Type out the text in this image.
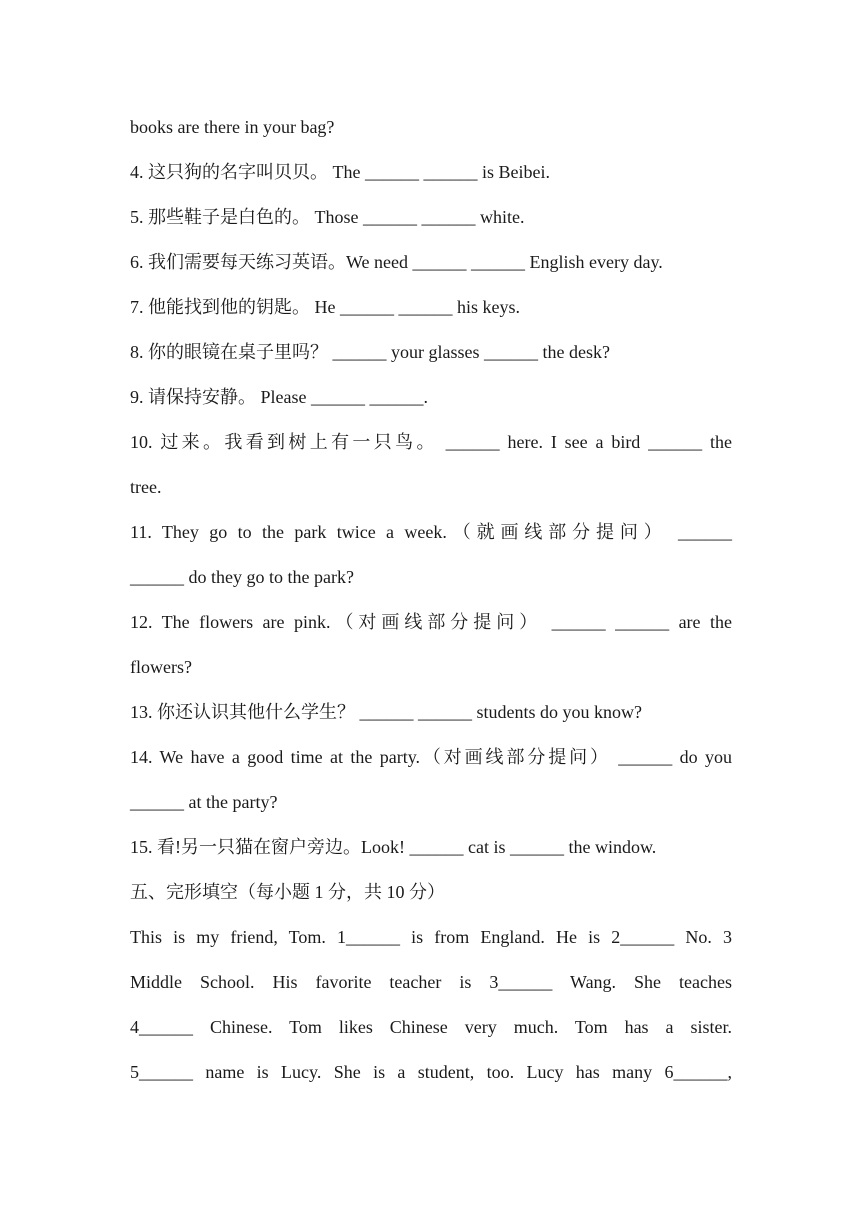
books are there in your bag?
4. 这只狗的名字叫贝贝。 The ______ ______ is Beibei.
5. 那些鞋子是白色的。 Those ______ ______ white.
6. 我们需要每天练习英语。We need ______ ______ English every day.
7. 他能找到他的钥匙。 He ______ ______ his keys.
8. 你的眼镜在桌子里吗？ ______ your glasses ______ the desk?
9. 请保持安静。 Please ______ ______.
10. 过来。我看到树上有一只鸟。 ______ here. I see a bird ______ the
tree.
11. They go to the park twice a week.（就画线部分提问） ______
______ do they go to the park?
12. The flowers are pink.（对画线部分提问） ______ ______ are the
flowers?
13. 你还认识其他什么学生？ ______ ______ students do you know?
14. We have a good time at the party.（对画线部分提问） ______ do you
______ at the party?
15. 看!另一只猫在窗户旁边。Look! ______ cat is ______ the window.
五、完形填空（每小题 1 分，共 10 分）
This is my friend, Tom. 1______ is from England. He is 2______ No. 3
Middle School. His favorite teacher is 3______ Wang. She teaches
4______ Chinese. Tom likes Chinese very much. Tom has a sister.
5______ name is Lucy. She is a student, too. Lucy has many 6______,
